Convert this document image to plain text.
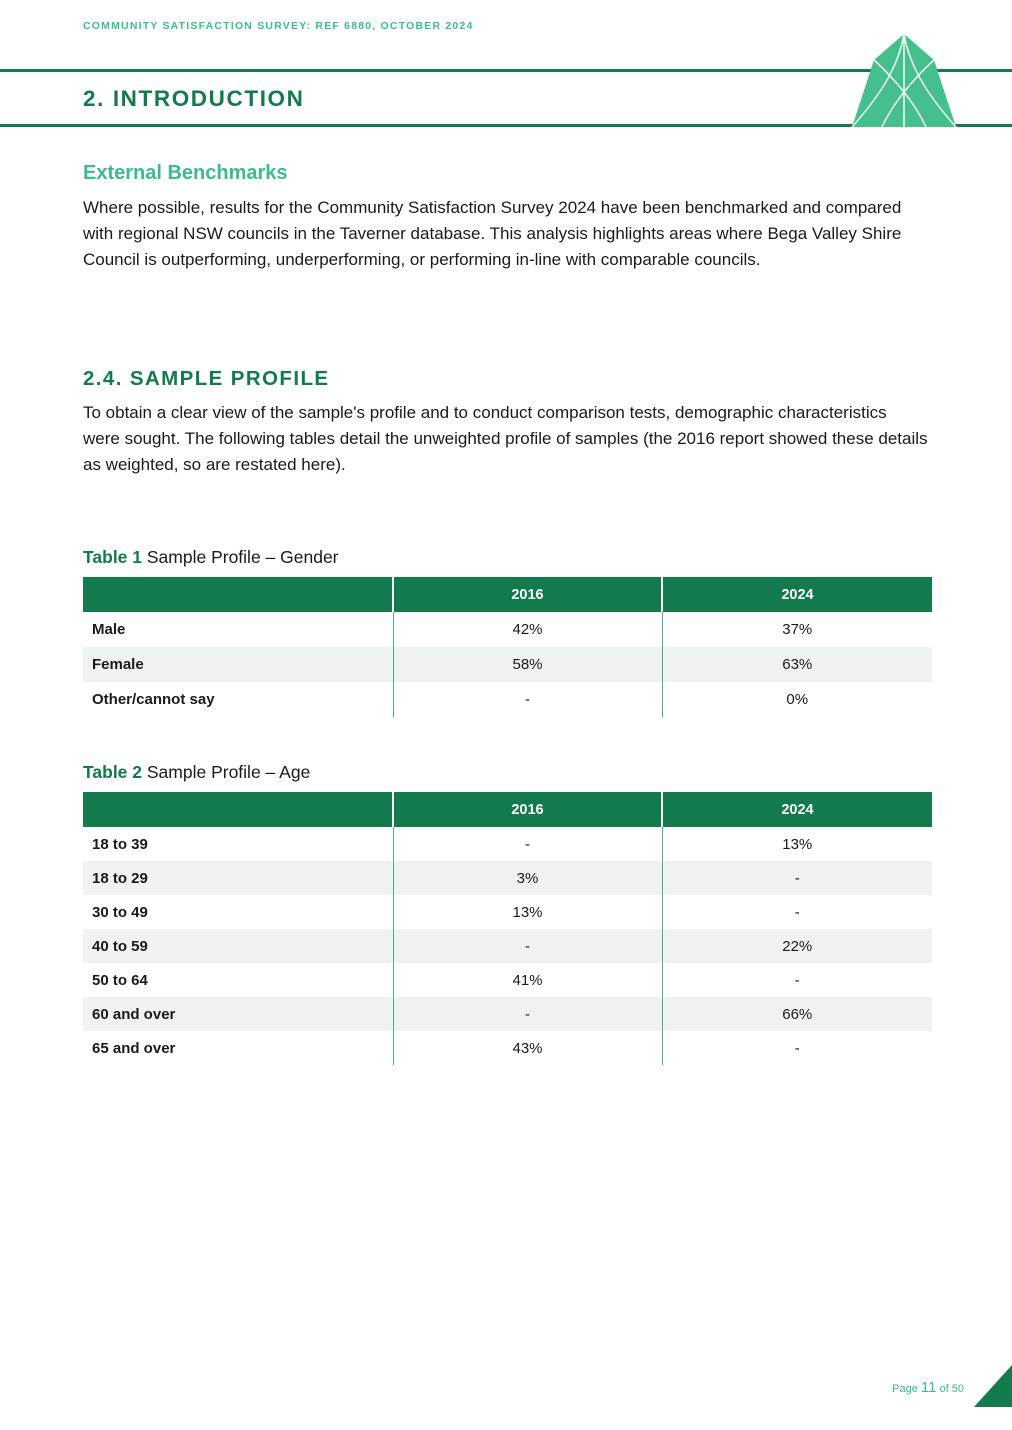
COMMUNITY SATISFACTION SURVEY: REF 6880, OCTOBER 2024
2. INTRODUCTION
External Benchmarks

Where possible, results for the Community Satisfaction Survey 2024 have been benchmarked and compared with regional NSW councils in the Taverner database. This analysis highlights areas where Bega Valley Shire Council is outperforming, underperforming, or performing in-line with comparable councils.

2.4. SAMPLE PROFILE

To obtain a clear view of the sample's profile and to conduct comparison tests, demographic characteristics were sought. The following tables detail the unweighted profile of samples (the 2016 report showed these details as weighted, so are restated here).

Table 1 Sample Profile – Gender

	2016	2024
Male	42%	37%
Female	58%	63%
Other/cannot say	-	0%

Table 2 Sample Profile – Age

	2016	2024
18 to 39	-	13%
18 to 29	3%	-
30 to 49	13%	-
40 to 59	-	22%
50 to 64	41%	-
60 and over	-	66%
65 and over	43%	-
Page 11 of 50
